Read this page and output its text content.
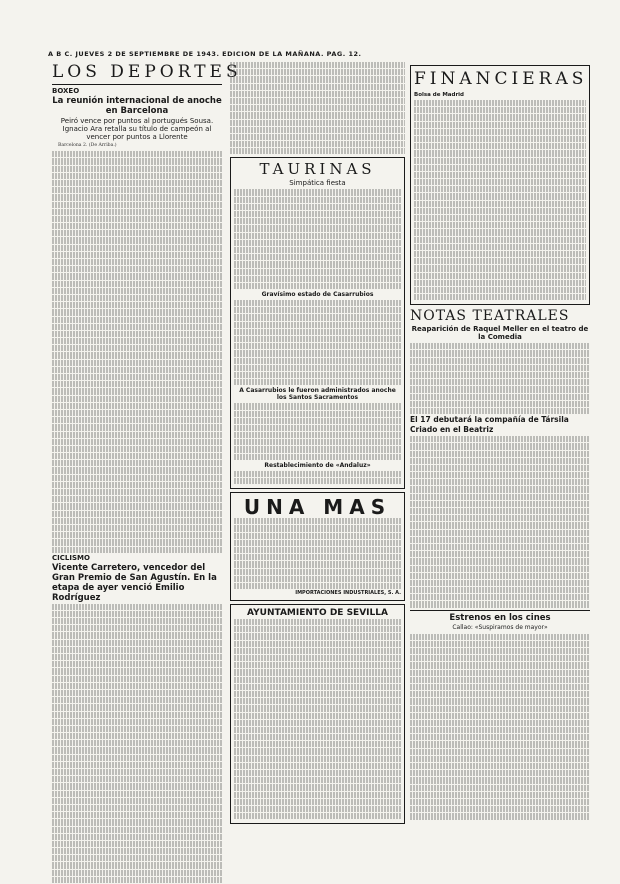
A B C. JUEVES 2 DE SEPTIEMBRE DE 1943. EDICION DE LA MAÑANA. PAG. 12.
LOS DEPORTES
BOXEO
La reunión internacional de anoche en Barcelona
Peiró vence por puntos al portugués Sousa. Ignacio Ara retalla su título de campeón al vencer por puntos a Llorente
Barcelona 2. (De Arriba.)
CICLISMO
Vicente Carretero, vencedor del Gran Premio de San Agustín. En la etapa de ayer venció Emilio Rodríguez
TAURINAS
Simpática fiesta
Gravísimo estado de Casarrubios
A Casarrubios le fueron administrados anoche los Santos Sacramentos
Restablecimiento de «Andaluz»
UNA MAS
IMPORTACIONES INDUSTRIALES, S. A.
AYUNTAMIENTO DE SEVILLA
FINANCIERAS
Bolsa de Madrid
NOTAS TEATRALES
Reaparición de Raquel Meller en el teatro de la Comedia
El 17 debutará la compañía de Társila Criado en el Beatriz
Estrenos en los cines
Callao: «Suspiramos de mayor»
